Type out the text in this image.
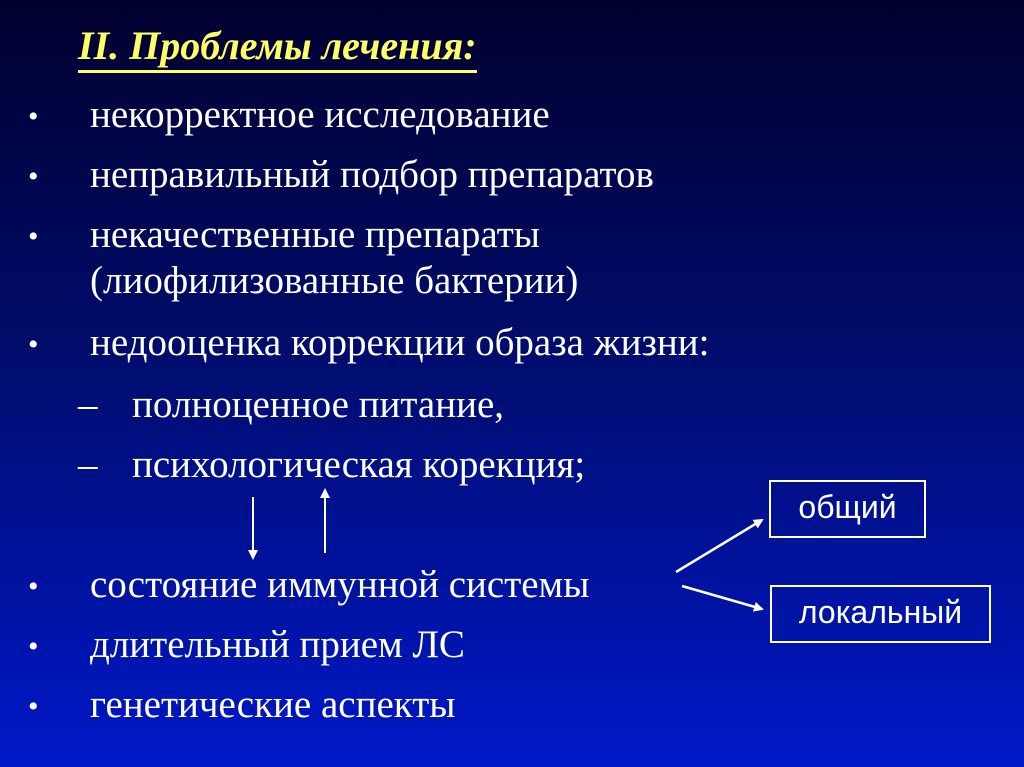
II. Проблемы лечения:
• некорректное исследование
• неправильный подбор препаратов
• некачественные препараты
(лиофилизованные бактерии)
• недооценка коррекции образа жизни:
– полноценное питание,
– психологическая корекция;
• состояние иммунной системы
• длительный прием ЛС
• генетические аспекты
общий
локальный
